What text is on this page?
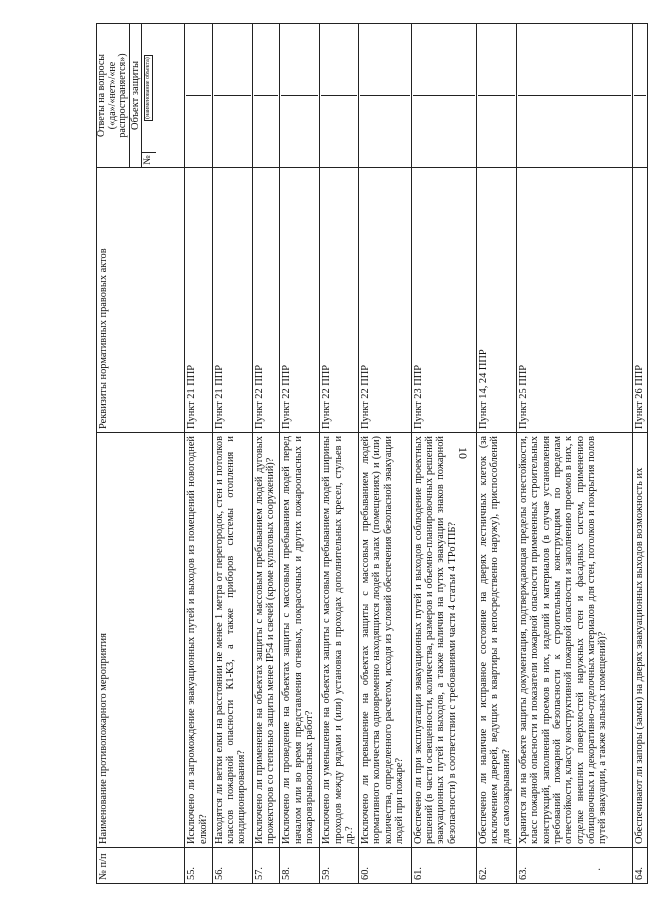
10
№ п/п	Наименование противопожарного мероприятия	Реквизиты нормативных правовых актов	Ответы на вопросы («да»/«нет»/«не распространяется») Объект защиты
№
(наименование объекта)

55.	Исключено ли загромождение эвакуационных путей и выходов из помещений новогодней елкой?	Пункт 21 ППР	

56.	Находятся ли ветки елки на расстоянии не менее 1 метра от перегородок, стен и потолков классов пожарной опасности К1-К3, а также приборов системы отопления и кондиционирования?	Пункт 21 ППР	

57.	Исключено ли применение на объектах защиты с массовым пребыванием людей дуговых прожекторов со степенью защиты менее IP54 и свечей (кроме культовых сооружений)?	Пункт 22 ППР	

58.	Исключено ли проведение на объектах защиты с массовым пребыванием людей перед началом или во время представления огневых, покрасочных и других пожароопасных и пожаровзрывоопасных работ?	Пункт 22 ППР	

59.	Исключено ли уменьшение на объектах защиты с массовым пребыванием людей ширины проходов между рядами и (или) установка в проходах дополнительных кресел, стульев и др.?	Пункт 22 ППР	

60.	Исключено ли превышение на объектах защиты с массовым пребыванием людей нормативного количества одновременно находящихся людей в залах (помещениях) и (или) количества, определенного расчетом, исходя из условий обеспечения безопасной эвакуации людей при пожаре?	Пункт 22 ППР	

61.	Обеспечено ли при эксплуатации эвакуационных путей и выходов соблюдение проектных решений (в части освещенности, количества, размеров и объемно-планировочных решений эвакуационных путей и выходов, а также наличия на путях эвакуации знаков пожарной безопасности) в соответствии с требованиями части 4 статьи 4 ТРоТПБ?	Пункт 23 ППР	

62.	Обеспечено ли наличие и исправное состояние на дверях лестничных клеток (за исключением дверей, ведущих в квартиры и непосредственно наружу), приспособлений для самозакрывания?	Пункт 14, 24 ППР	

63.	Хранится ли на объекте защиты документация, подтверждающая пределы огнестойкости, класс пожарной опасности и показатели пожарной опасности примененных строительных конструкций, заполнений проемов в них, изделий и материалов (в случае установления требований пожарной безопасности к строительным конструкциям по пределам огнестойкости, классу конструктивной пожарной опасности и заполнению проемов в них, к отделке внешних поверхностей наружных стен и фасадных систем, применению облицовочных и декоративно-отделочных материалов для стен, потолков и покрытия полов путей эвакуации, а также зальных помещений)?	Пункт 25 ППР	

64.	Обеспечивают ли запоры (замки) на дверях эвакуационных выходов возможность их	Пункт 26 ППР	
.
